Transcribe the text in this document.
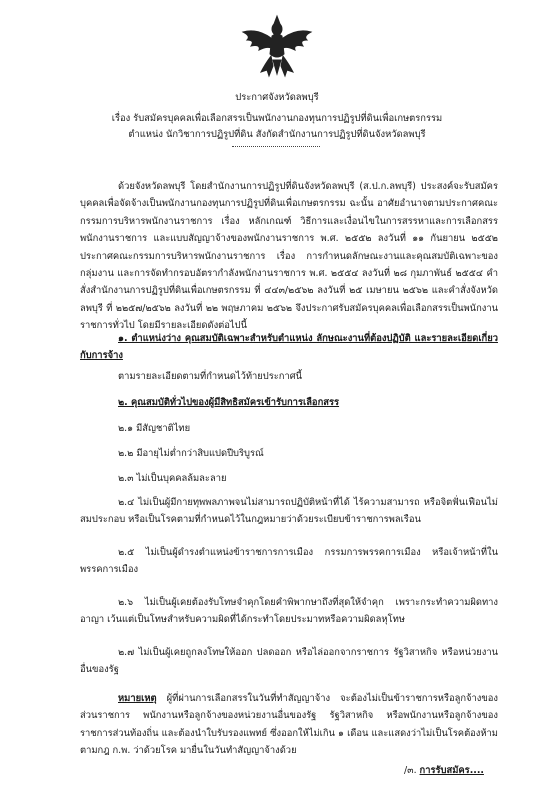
ประกาศจังหวัดลพบุรี
เรื่อง รับสมัครบุคคลเพื่อเลือกสรรเป็นพนักงานกองทุนการปฏิรูปที่ดินเพื่อเกษตรกรรม
ตำแหน่ง นักวิชาการปฏิรูปที่ดิน สังกัดสำนักงานการปฏิรูปที่ดินจังหวัดลพบุรี
ด้วยจังหวัดลพบุรี โดยสำนักงานการปฏิรูปที่ดินจังหวัดลพบุรี (ส.ป.ก.ลพบุรี) ประสงค์จะรับสมัครบุคคลเพื่อจัดจ้างเป็นพนักงานกองทุนการปฏิรูปที่ดินเพื่อเกษตรกรรม ฉะนั้น อาศัยอำนาจตามประกาศคณะกรรมการบริหารพนักงานราชการ เรื่อง หลักเกณฑ์ วิธีการและเงื่อนไขในการสรรหาและการเลือกสรรพนักงานราชการ และแบบสัญญาจ้างของพนักงานราชการ พ.ศ. ๒๕๕๒ ลงวันที่ ๑๑ กันยายน ๒๕๕๒ ประกาศคณะกรรมการบริหารพนักงานราชการ เรื่อง การกำหนดลักษณะงานและคุณสมบัติเฉพาะของกลุ่มงาน และการจัดทำกรอบอัตรากำลังพนักงานราชการ พ.ศ. ๒๕๕๔ ลงวันที่ ๒๘ กุมภาพันธ์ ๒๕๕๔ คำสั่งสำนักงานการปฏิรูปที่ดินเพื่อเกษตรกรรม ที่ ๔๔๓/๒๕๖๒ ลงวันที่ ๒๕ เมษายน ๒๕๖๒ และคำสั่งจังหวัดลพบุรี ที่ ๒๒๕๗/๒๕๖๒ ลงวันที่ ๒๒ พฤษภาคม ๒๕๖๒ จึงประกาศรับสมัครบุคคลเพื่อเลือกสรรเป็นพนักงานราชการทั่วไป โดยมีรายละเอียดดังต่อไปนี้
๑. ตำแหน่งว่าง คุณสมบัติเฉพาะสำหรับตำแหน่ง ลักษณะงานที่ต้องปฏิบัติ และรายละเอียดเกี่ยวกับการจ้าง
ตามรายละเอียดตามที่กำหนดไว้ท้ายประกาศนี้
๒. คุณสมบัติทั่วไปของผู้มีสิทธิสมัครเข้ารับการเลือกสรร
๒.๑ มีสัญชาติไทย
๒.๒ มีอายุไม่ต่ำกว่าสิบแปดปีบริบูรณ์
๒.๓ ไม่เป็นบุคคลล้มละลาย
๒.๔ ไม่เป็นผู้มีกายทุพพลภาพจนไม่สามารถปฏิบัติหน้าที่ได้ ไร้ความสามารถ หรือจิตฟั่นเฟือนไม่สมประกอบ หรือเป็นโรคตามที่กำหนดไว้ในกฎหมายว่าด้วยระเบียบข้าราชการพลเรือน
๒.๕ ไม่เป็นผู้ดำรงตำแหน่งข้าราชการการเมือง กรรมการพรรคการเมือง หรือเจ้าหน้าที่ในพรรคการเมือง
๒.๖ ไม่เป็นผู้เคยต้องรับโทษจำคุกโดยคำพิพากษาถึงที่สุดให้จำคุก เพราะกระทำความผิดทางอาญา เว้นแต่เป็นโทษสำหรับความผิดที่ได้กระทำโดยประมาทหรือความผิดลหุโทษ
๒.๗ ไม่เป็นผู้เคยถูกลงโทษให้ออก ปลดออก หรือไล่ออกจากราชการ รัฐวิสาหกิจ หรือหน่วยงานอื่นของรัฐ
หมายเหตุ ผู้ที่ผ่านการเลือกสรรในวันที่ทำสัญญาจ้าง จะต้องไม่เป็นข้าราชการหรือลูกจ้างของส่วนราชการ พนักงานหรือลูกจ้างของหน่วยงานอื่นของรัฐ รัฐวิสาหกิจ หรือพนักงานหรือลูกจ้างของราชการส่วนท้องถิ่น และต้องนำใบรับรองแพทย์ ซึ่งออกให้ไม่เกิน ๑ เดือน และแสดงว่าไม่เป็นโรคต้องห้ามตามกฎ ก.พ. ว่าด้วยโรค มายื่นในวันทำสัญญาจ้างด้วย
/๓. การรับสมัคร....
